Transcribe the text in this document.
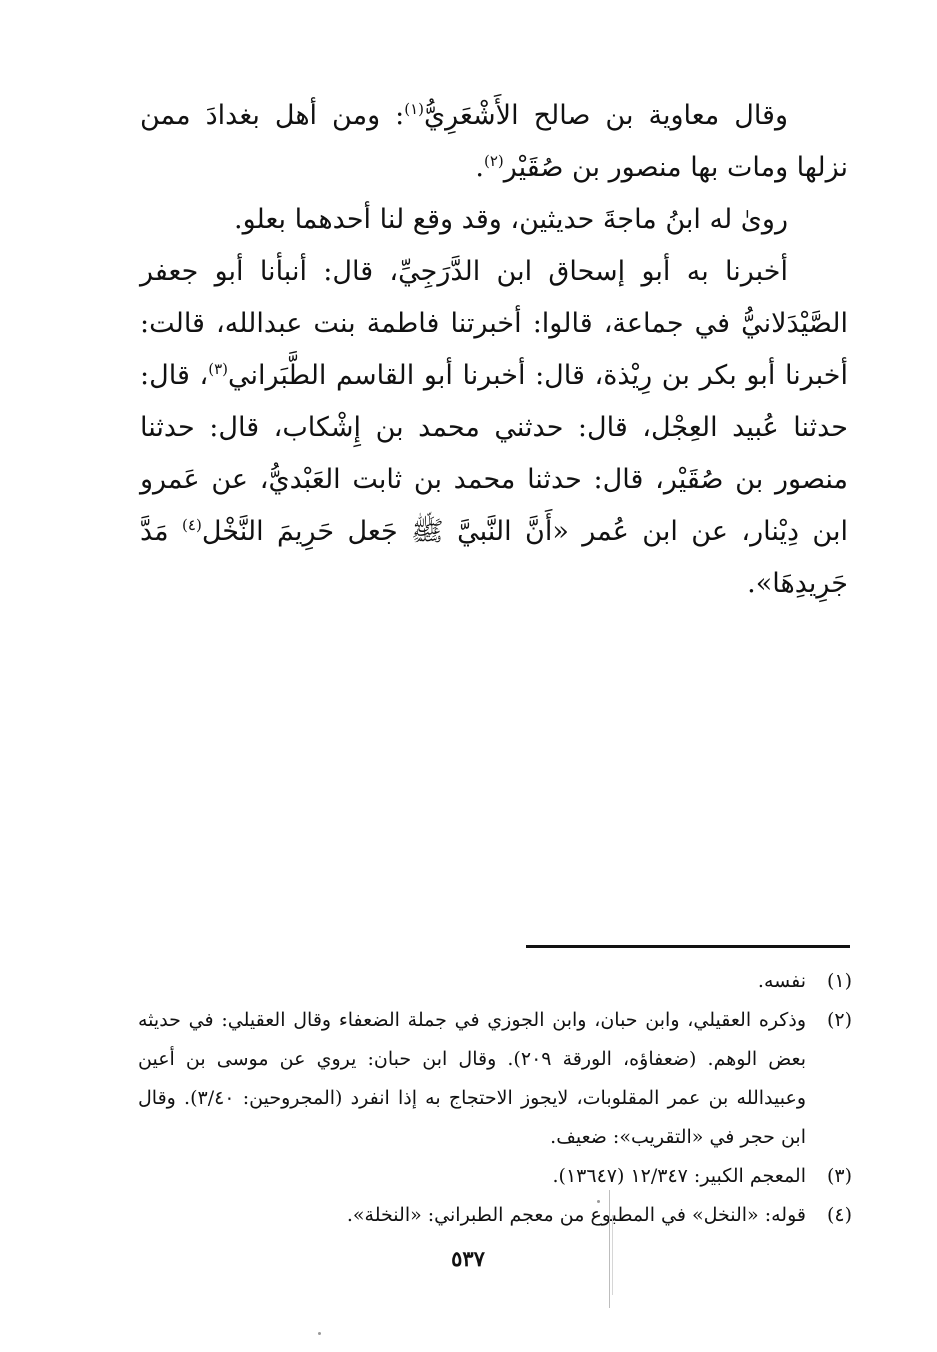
وقال معاوية بن صالح الأَشْعَرِيُّ$^{(١)}$: ومن أهل بغدادَ ممن نزلها ومات بها منصور بن صُقَيْر$^{(٢)}$.

روىٰ له ابنُ ماجةَ حديثين، وقد وقع لنا أحدهما بعلو.

أخبرنا به أبو إسحاق ابن الدَّرَجِيِّ، قال: أنبأنا أبو جعفر الصَّيْدَلانيُّ في جماعة، قالوا: أخبرتنا فاطمة بنت عبدالله، قالت: أخبرنا أبو بكر بن رِيْذة، قال: أخبرنا أبو القاسم الطَّبَراني$^{(٣)}$، قال: حدثنا عُبيد العِجْل، قال: حدثني محمد بن إِشْكاب، قال: حدثنا منصور بن صُقَيْر، قال: حدثنا محمد بن ثابت العَبْديُّ، عن عَمرو ابن دِيْنار، عن ابن عُمر «أَنَّ النَّبيَّ ﷺ جَعل حَرِيمَ النَّخْل$^{(٤)}$ مَدَّ جَرِيدِهَا».

(١)
نفسه.
(٢)
وذكره العقيلي، وابن حبان، وابن الجوزي في جملة الضعفاء وقال العقيلي: في حديثه بعض الوهم. (ضعفاؤه، الورقة ٢٠٩). وقال ابن حبان: يروي عن موسى بن أعين وعبيدالله بن عمر المقلوبات، لايجوز الاحتجاج به إذا انفرد (المجروحين: ٣/٤٠). وقال ابن حجر في «التقريب»: ضعيف.
(٣)
المعجم الكبير: ١٢/٣٤٧ (١٣٦٤٧).
(٤)
قوله: «النخل» في المطبوع من معجم الطبراني: «النخلة».
٥٣٧
